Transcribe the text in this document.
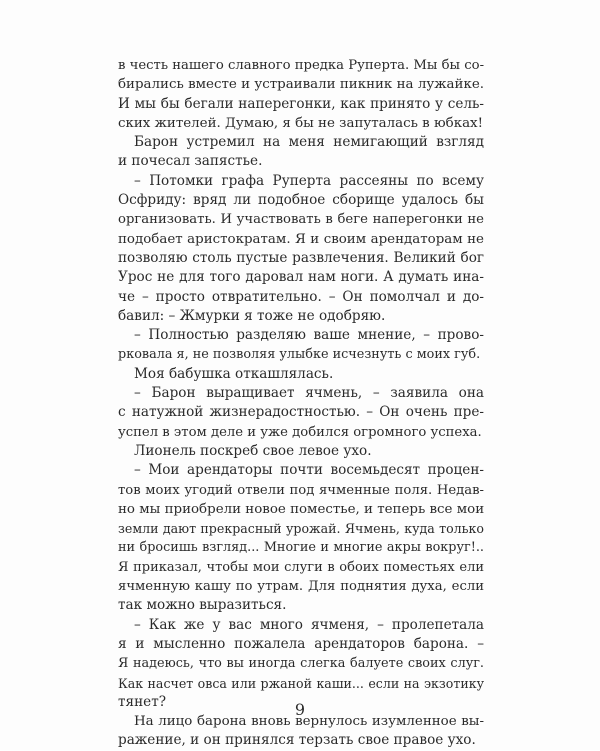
в честь нашего славного предка Руперта. Мы бы со-
бирались вместе и устраивали пикник на лужайке.
И мы бы бегали наперегонки, как принято у сель-
ских жителей. Думаю, я бы не запуталась в юбках!
Барон устремил на меня немигающий взгляд
и почесал запястье.
– Потомки графа Руперта рассеяны по всему
Осфриду: вряд ли подобное сборище удалось бы
организовать. И участвовать в беге наперегонки не
подобает аристократам. Я и своим арендаторам не
позволяю столь пустые развлечения. Великий бог
Урос не для того даровал нам ноги. А думать ина-
че – просто отвратительно. – Он помолчал и до-
бавил: – Жмурки я тоже не одобряю.
– Полностью разделяю ваше мнение, – прово-
рковала я, не позволяя улыбке исчезнуть с моих губ.
Моя бабушка откашлялась.
– Барон выращивает ячмень, – заявила она
с натужной жизнерадостностью. – Он очень пре-
успел в этом деле и уже добился огромного успеха.
Лионель поскреб свое левое ухо.
– Мои арендаторы почти восемьдесят процен-
тов моих угодий отвели под ячменные поля. Недав-
но мы приобрели новое поместье, и теперь все мои
земли дают прекрасный урожай. Ячмень, куда только
ни бросишь взгляд... Многие и многие акры вокруг!..
Я приказал, чтобы мои слуги в обоих поместьях ели
ячменную кашу по утрам. Для поднятия духа, если
так можно выразиться.
– Как же у вас много ячменя, – пролепетала
я и мысленно пожалела арендаторов барона. –
Я надеюсь, что вы иногда слегка балуете своих слуг.
Как насчет овса или ржаной каши... если на экзотику
тянет?
На лицо барона вновь вернулось изумленное вы-
ражение, и он принялся терзать свое правое ухо.
9
